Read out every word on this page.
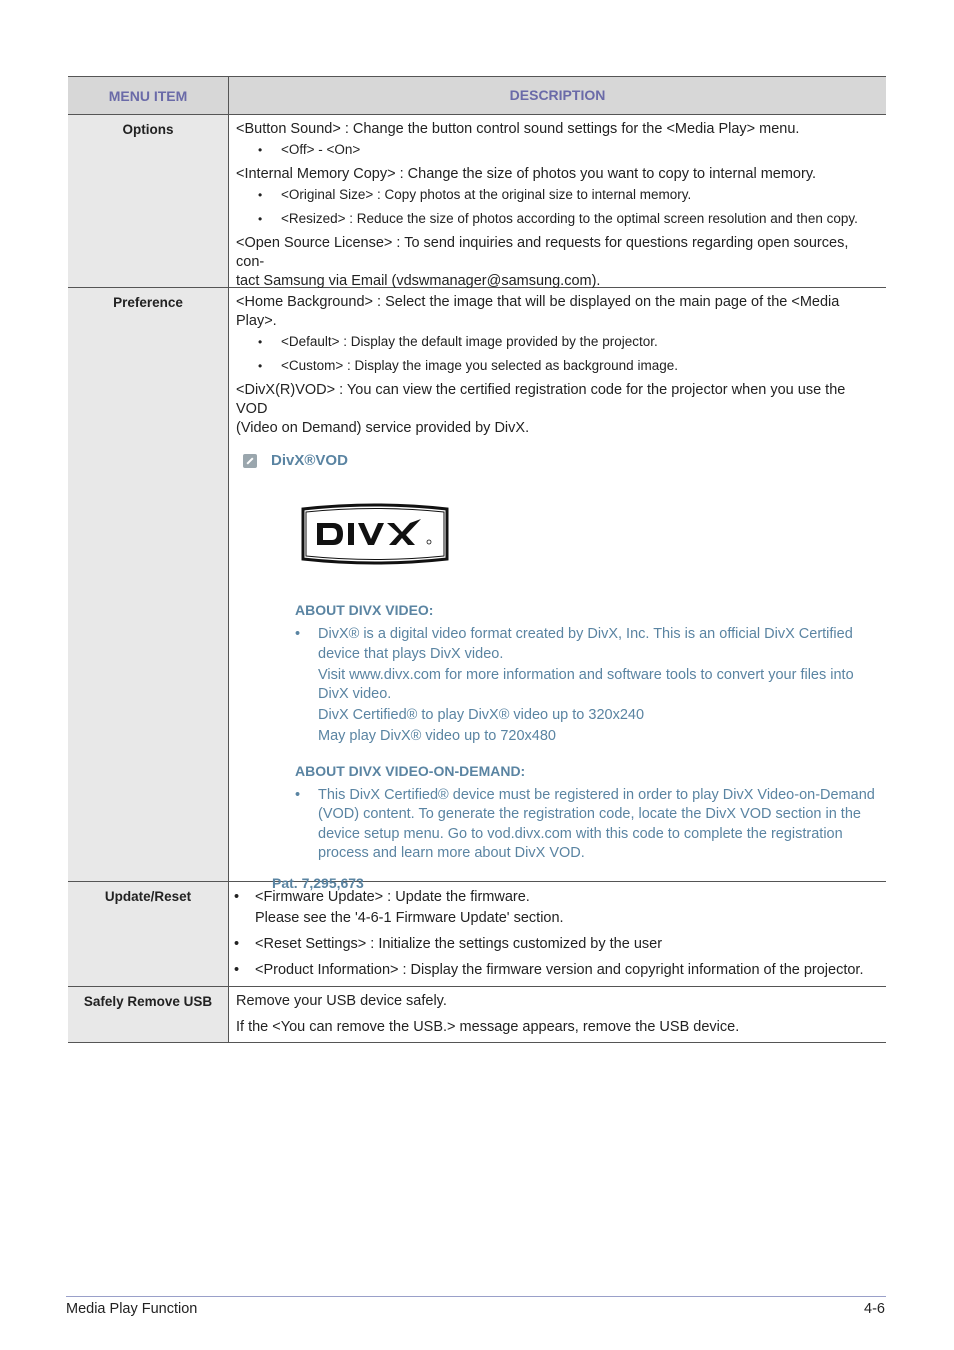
MENU ITEM	DESCRIPTION
Options	<Button Sound> : Change the button control sound settings for the <Media Play> menu.

• <Off> - <On>

<Internal Memory Copy> : Change the size of photos you want to copy to internal memory.

• <Original Size> : Copy photos at the original size to internal memory.
• <Resized> : Reduce the size of photos according to the optimal screen resolution and then copy.

<Open Source License> : To send inquiries and requests for questions regarding open sources, con-

tact Samsung via Email (vdswmanager@samsung.com).

Preference	<Home Background> : Select the image that will be displayed on the main page of the <Media Play>.

• <Default> : Display the default image provided by the projector.
• <Custom> : Display the image you selected as background image.

<DivX(R)VOD> : You can view the certified registration code for the projector when you use the VOD

(Video on Demand) service provided by DivX.

DivX®VOD
ABOUT DIVX VIDEO:

• DivX® is a digital video format created by DivX, Inc. This is an official DivX Certified device that plays DivX video.

Visit www.divx.com for more information and software tools to convert your files into DivX video.

DivX Certified® to play DivX® video up to 320x240

May play DivX® video up to 720x480

ABOUT DIVX VIDEO-ON-DEMAND:

• This DivX Certified® device must be registered in order to play DivX Video-on-Demand (VOD) content. To generate the registration code, locate the DivX VOD section in the device setup menu. Go to vod.divx.com with this code to complete the registration process and learn more about DivX VOD.

Pat. 7,295,673
Update/Reset
•	<Firmware Update> : Update the firmware.
Please see the '4-6-1 Firmware Update' section.
• <Reset Settings> : Initialize the settings customized by the user
• <Product Information> : Display the firmware version and copyright information of the projector.
Safely Remove USB	Remove your USB device safely.

If the <You can remove the USB.> message appears, remove the USB device.

Media Play Function	4-6
